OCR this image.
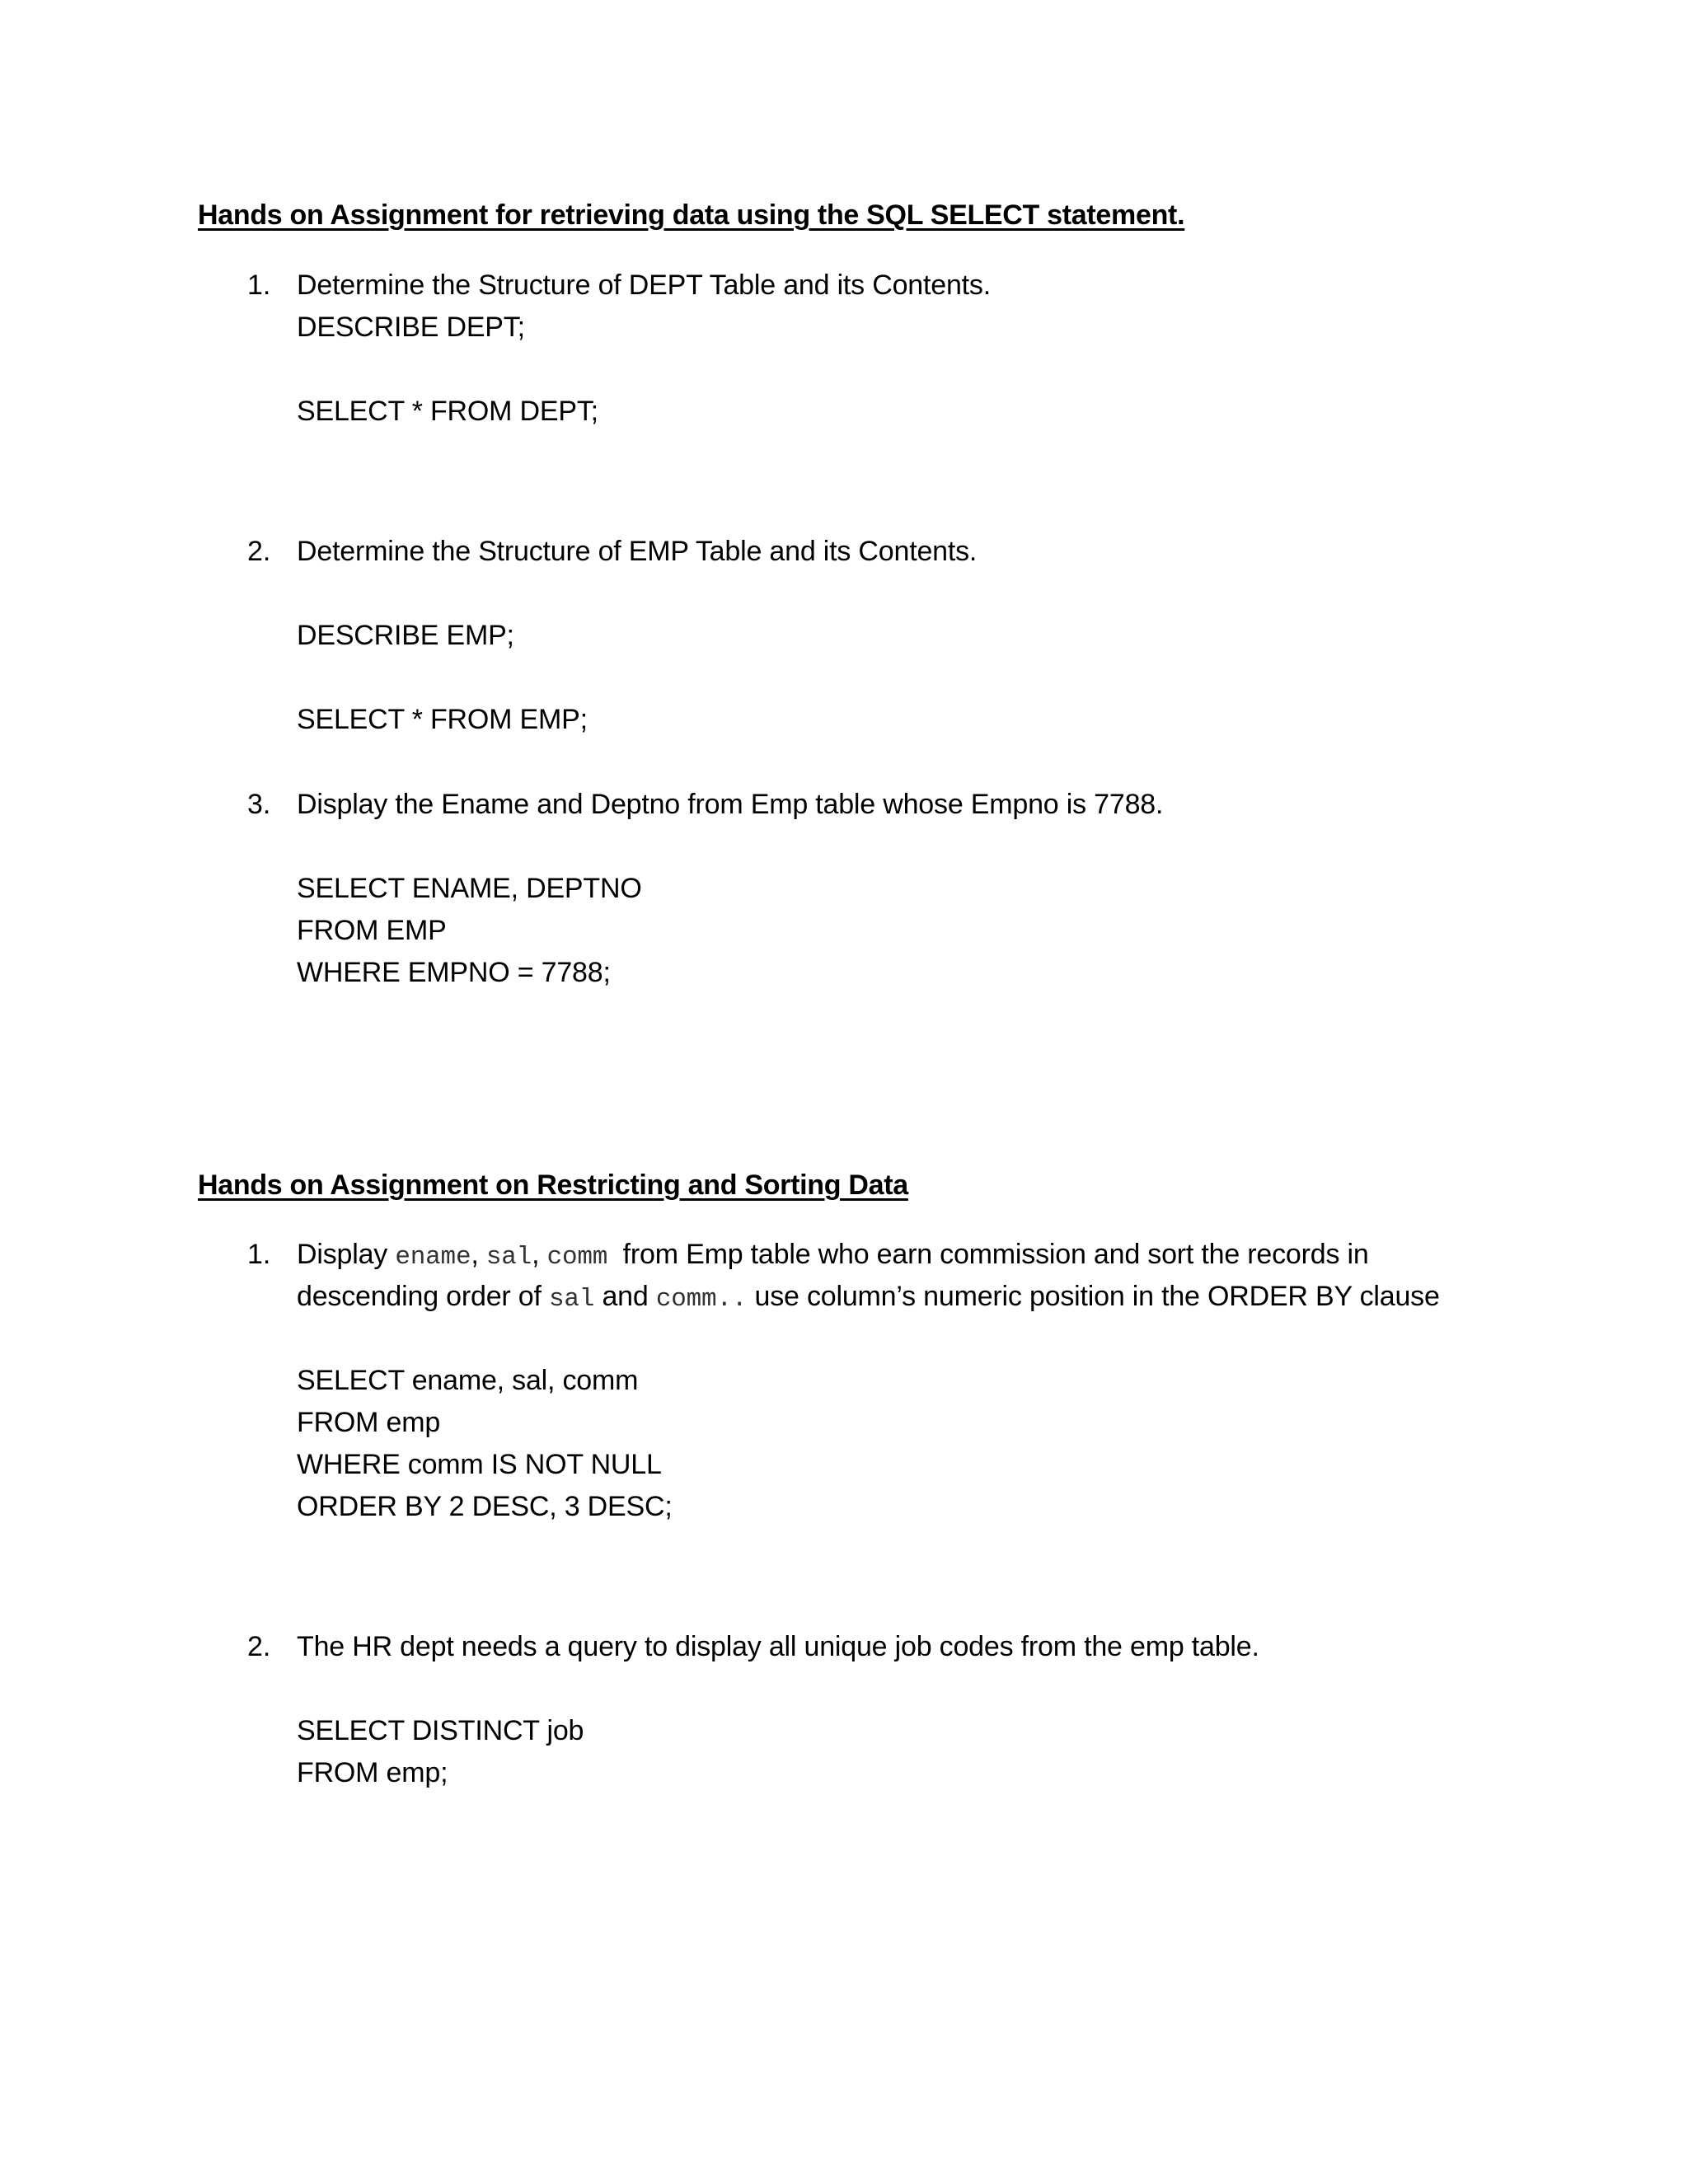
Hands on Assignment for retrieving data using the SQL SELECT statement.
1. Determine the Structure of DEPT Table and its Contents.
DESCRIBE DEPT;
SELECT * FROM DEPT;
2. Determine the Structure of EMP Table and its Contents.
DESCRIBE EMP;
SELECT * FROM EMP;
3. Display the Ename and Deptno from Emp table whose Empno is 7788.
SELECT ENAME, DEPTNO
FROM EMP
WHERE EMPNO = 7788;
Hands on Assignment on Restricting and Sorting Data
1. Display ename, sal, comm  from Emp table who earn commission and sort the records in
descending order of sal and comm.. use column’s numeric position in the ORDER BY clause
SELECT ename, sal, comm
FROM emp
WHERE comm IS NOT NULL
ORDER BY 2 DESC, 3 DESC;
2. The HR dept needs a query to display all unique job codes from the emp table.
SELECT DISTINCT job
FROM emp;
